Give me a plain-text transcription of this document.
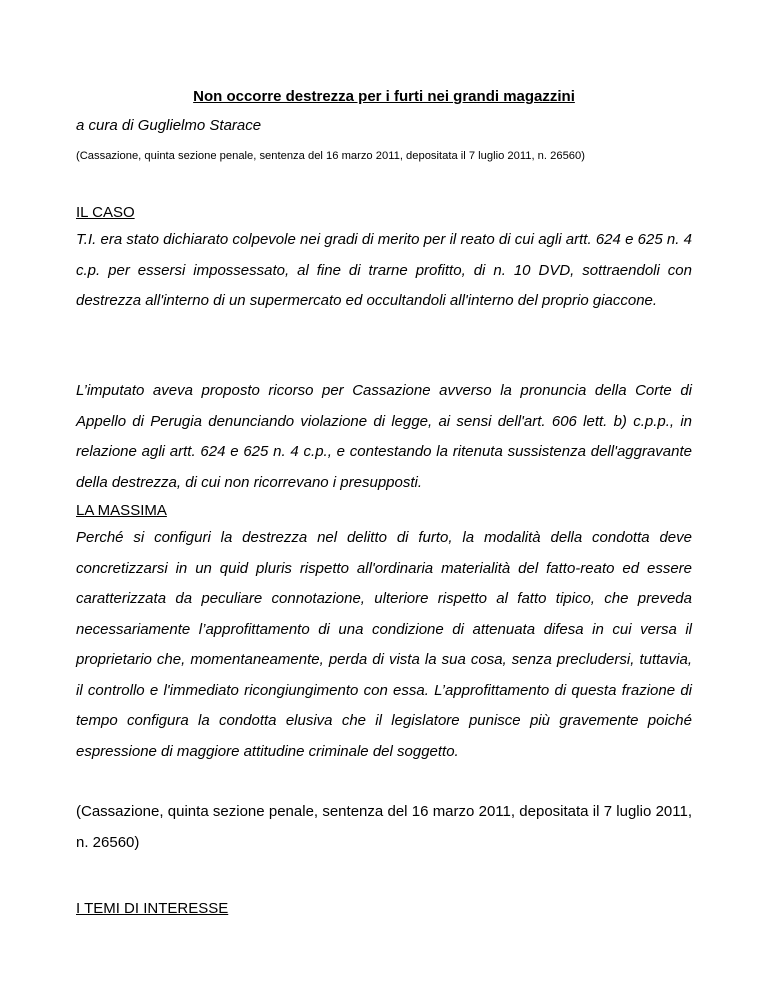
Non occorre destrezza per i furti nei grandi magazzini

a cura di Guglielmo Starace

(Cassazione, quinta sezione penale, sentenza del 16 marzo 2011, depositata il 7 luglio 2011, n. 26560)

IL CASO

T.I. era stato dichiarato colpevole nei gradi di merito per il reato di cui agli artt. 624 e 625 n. 4 c.p. per essersi impossessato, al fine di trarne profitto, di n. 10 DVD, sottraendoli con destrezza all'interno di un supermercato ed occultandoli all'interno del proprio giaccone.

L’imputato aveva proposto ricorso per Cassazione avverso la pronuncia della Corte di Appello di Perugia denunciando violazione di legge, ai sensi dell'art. 606 lett. b) c.p.p., in relazione agli artt. 624 e 625 n. 4 c.p., e contestando la ritenuta sussistenza dell'aggravante della destrezza, di cui non ricorrevano i presupposti.

LA MASSIMA

Perché si configuri la destrezza nel delitto di furto, la modalità della condotta deve concretizzarsi in un quid pluris rispetto all'ordinaria materialità del fatto-reato ed essere caratterizzata da peculiare connotazione, ulteriore rispetto al fatto tipico, che preveda necessariamente l’approfittamento di una condizione di attenuata difesa in cui versa il proprietario che, momentaneamente, perda di vista la sua cosa, senza precludersi, tuttavia, il controllo e l'immediato ricongiungimento con essa. L’approfittamento di questa frazione di tempo configura la condotta elusiva che il legislatore punisce più gravemente poiché espressione di maggiore attitudine criminale del soggetto.

(Cassazione, quinta sezione penale, sentenza del 16 marzo 2011, depositata il 7 luglio 2011, n. 26560)

I TEMI DI INTERESSE
